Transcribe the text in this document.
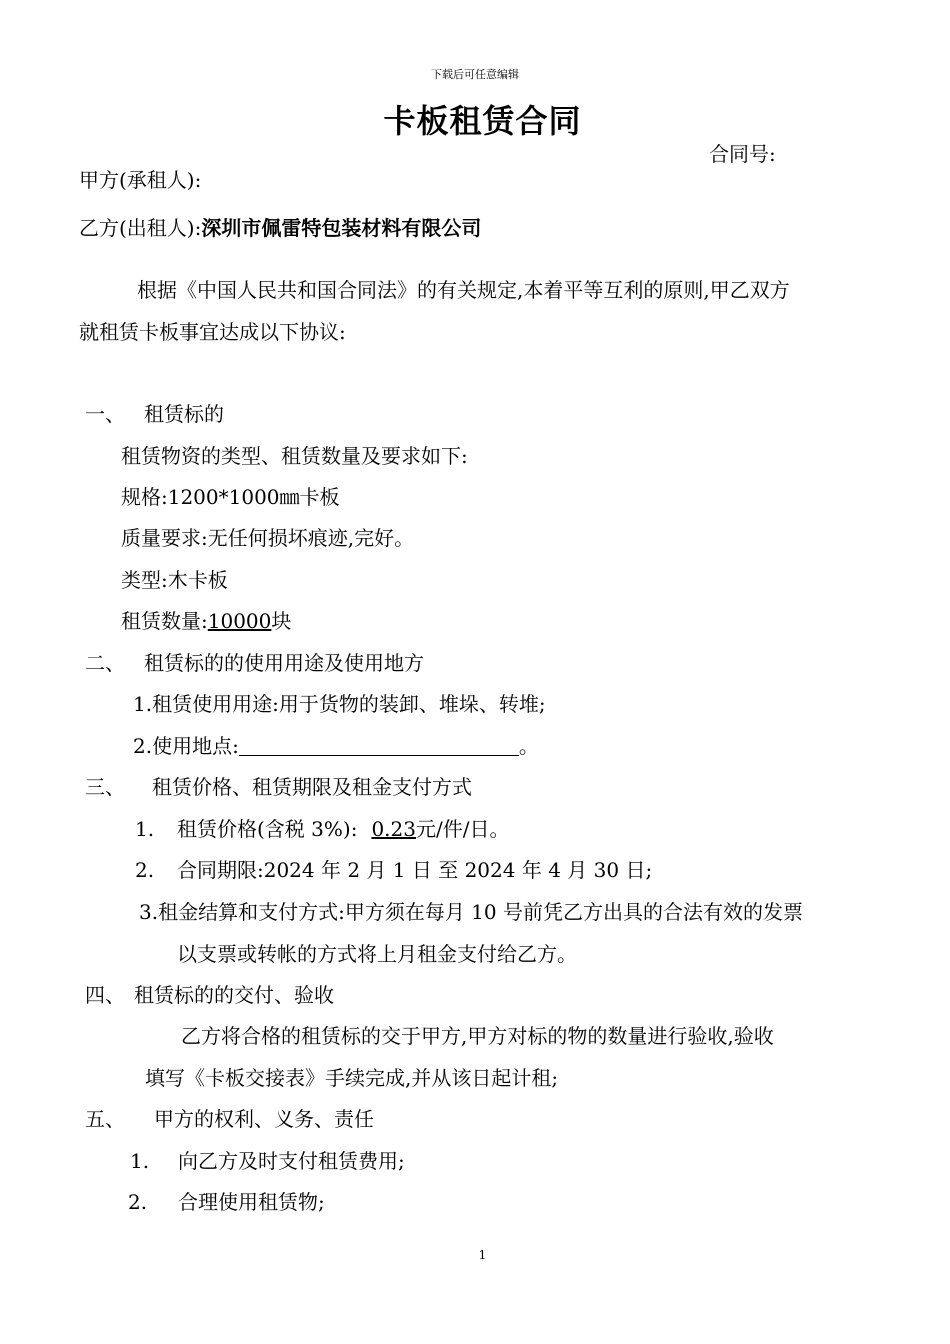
下载后可任意编辑
卡板租赁合同
合同号:
甲方(承租人):
乙方(出租人):深圳市佩雷特包装材料有限公司
根据《中国人民共和国合同法》的有关规定,本着平等互利的原则,甲乙双方
就租赁卡板事宜达成以下协议:
一、 租赁标的
租赁物资的类型、租赁数量及要求如下:
规格:1200*1000㎜卡板
质量要求:无任何损坏痕迹,完好。
类型:木卡板
租赁数量:10000块
二、 租赁标的的使用用途及使用地方
1.租赁使用用途:用于货物的装卸、堆垛、转堆;
2.使用地点:	。
三、 租赁价格、租赁期限及租金支付方式
1. 租赁价格(含税 3%): 0.23元/件/日。
2. 合同期限:2024 年 2 月 1 日 至 2024 年 4 月 30 日;
3.租金结算和支付方式:甲方须在每月 10 号前凭乙方出具的合法有效的发票
以支票或转帐的方式将上月租金支付给乙方。
四、 租赁标的的交付、验收
乙方将合格的租赁标的交于甲方,甲方对标的物的数量进行验收,验收
填写《卡板交接表》手续完成,并从该日起计租;
五、 甲方的权利、义务、责任
1. 向乙方及时支付租赁费用;
2. 合理使用租赁物;
1
